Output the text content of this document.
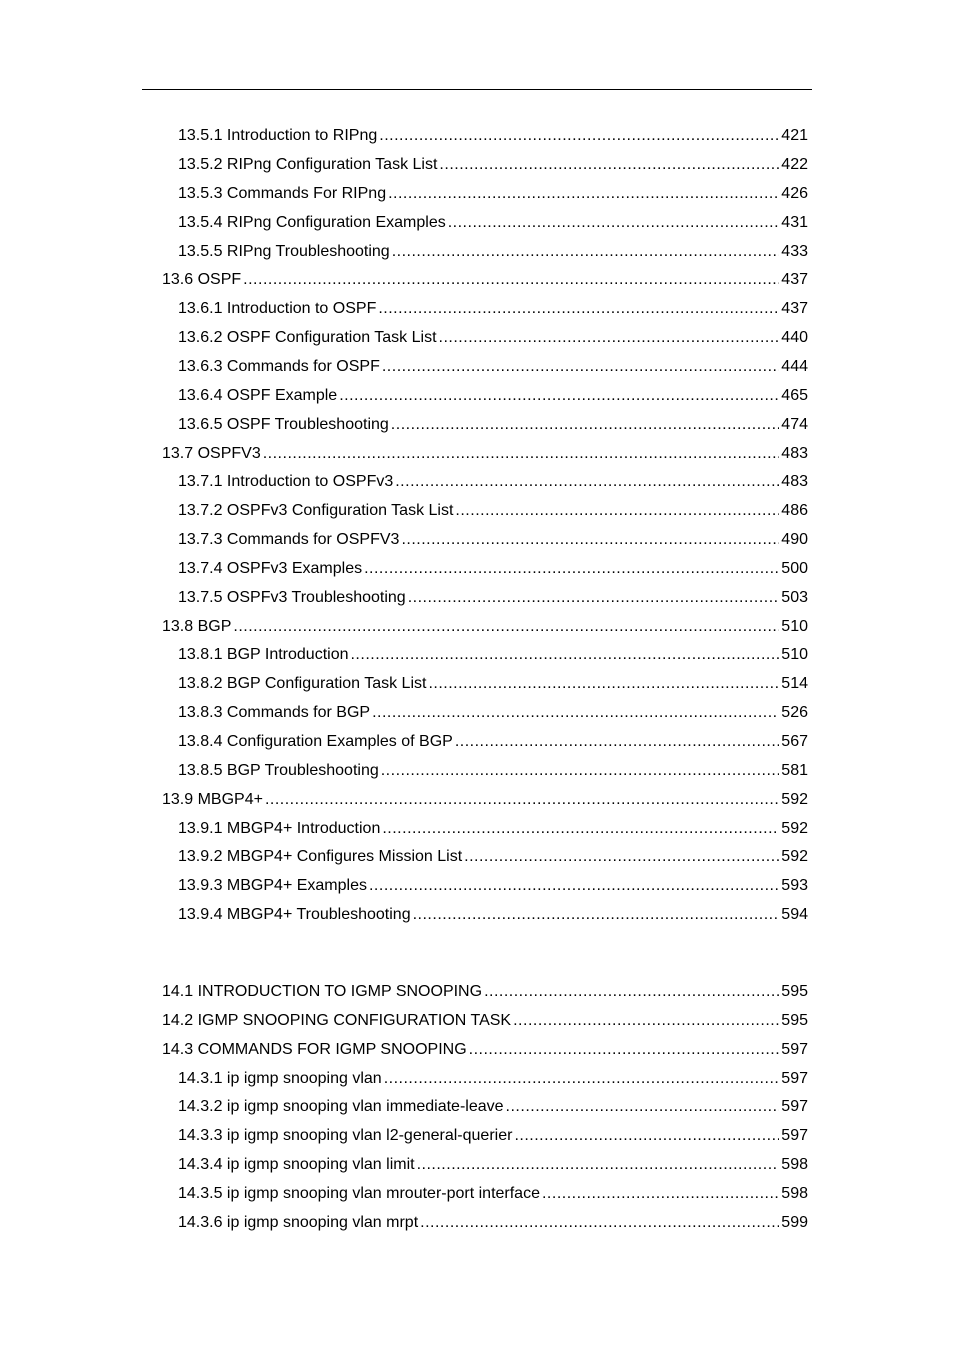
13.5.1 Introduction to RIPng .....	421
13.5.2 RIPng Configuration Task List .....	422
13.5.3 Commands For RIPng .....	426
13.5.4 RIPng Configuration Examples .....	431
13.5.5 RIPng Troubleshooting .....	433
13.6 OSPF .....	437
13.6.1 Introduction to OSPF .....	437
13.6.2 OSPF Configuration Task List .....	440
13.6.3 Commands for OSPF .....	444
13.6.4 OSPF Example .....	465
13.6.5 OSPF Troubleshooting .....	474
13.7 OSPFV3 .....	483
13.7.1 Introduction to OSPFv3 .....	483
13.7.2 OSPFv3 Configuration Task List .....	486
13.7.3 Commands for OSPFV3 .....	490
13.7.4 OSPFv3 Examples .....	500
13.7.5 OSPFv3 Troubleshooting .....	503
13.8 BGP .....	510
13.8.1 BGP Introduction .....	510
13.8.2 BGP Configuration Task List .....	514
13.8.3 Commands for BGP .....	526
13.8.4 Configuration Examples of BGP .....	567
13.8.5 BGP Troubleshooting .....	581
13.9 MBGP4+ .....	592
13.9.1 MBGP4+ Introduction .....	592
13.9.2 MBGP4+ Configures Mission List .....	592
13.9.3 MBGP4+ Examples .....	593
13.9.4 MBGP4+ Troubleshooting .....	594
14.1 INTRODUCTION TO IGMP SNOOPING .....	595
14.2 IGMP SNOOPING CONFIGURATION TASK .....	595
14.3 COMMANDS FOR IGMP SNOOPING .....	597
14.3.1 ip igmp snooping vlan .....	597
14.3.2 ip igmp snooping vlan immediate-leave .....	597
14.3.3 ip igmp snooping vlan l2-general-querier .....	597
14.3.4 ip igmp snooping vlan limit .....	598
14.3.5 ip igmp snooping vlan mrouter-port interface .....	598
14.3.6 ip igmp snooping vlan mrpt .....	599
